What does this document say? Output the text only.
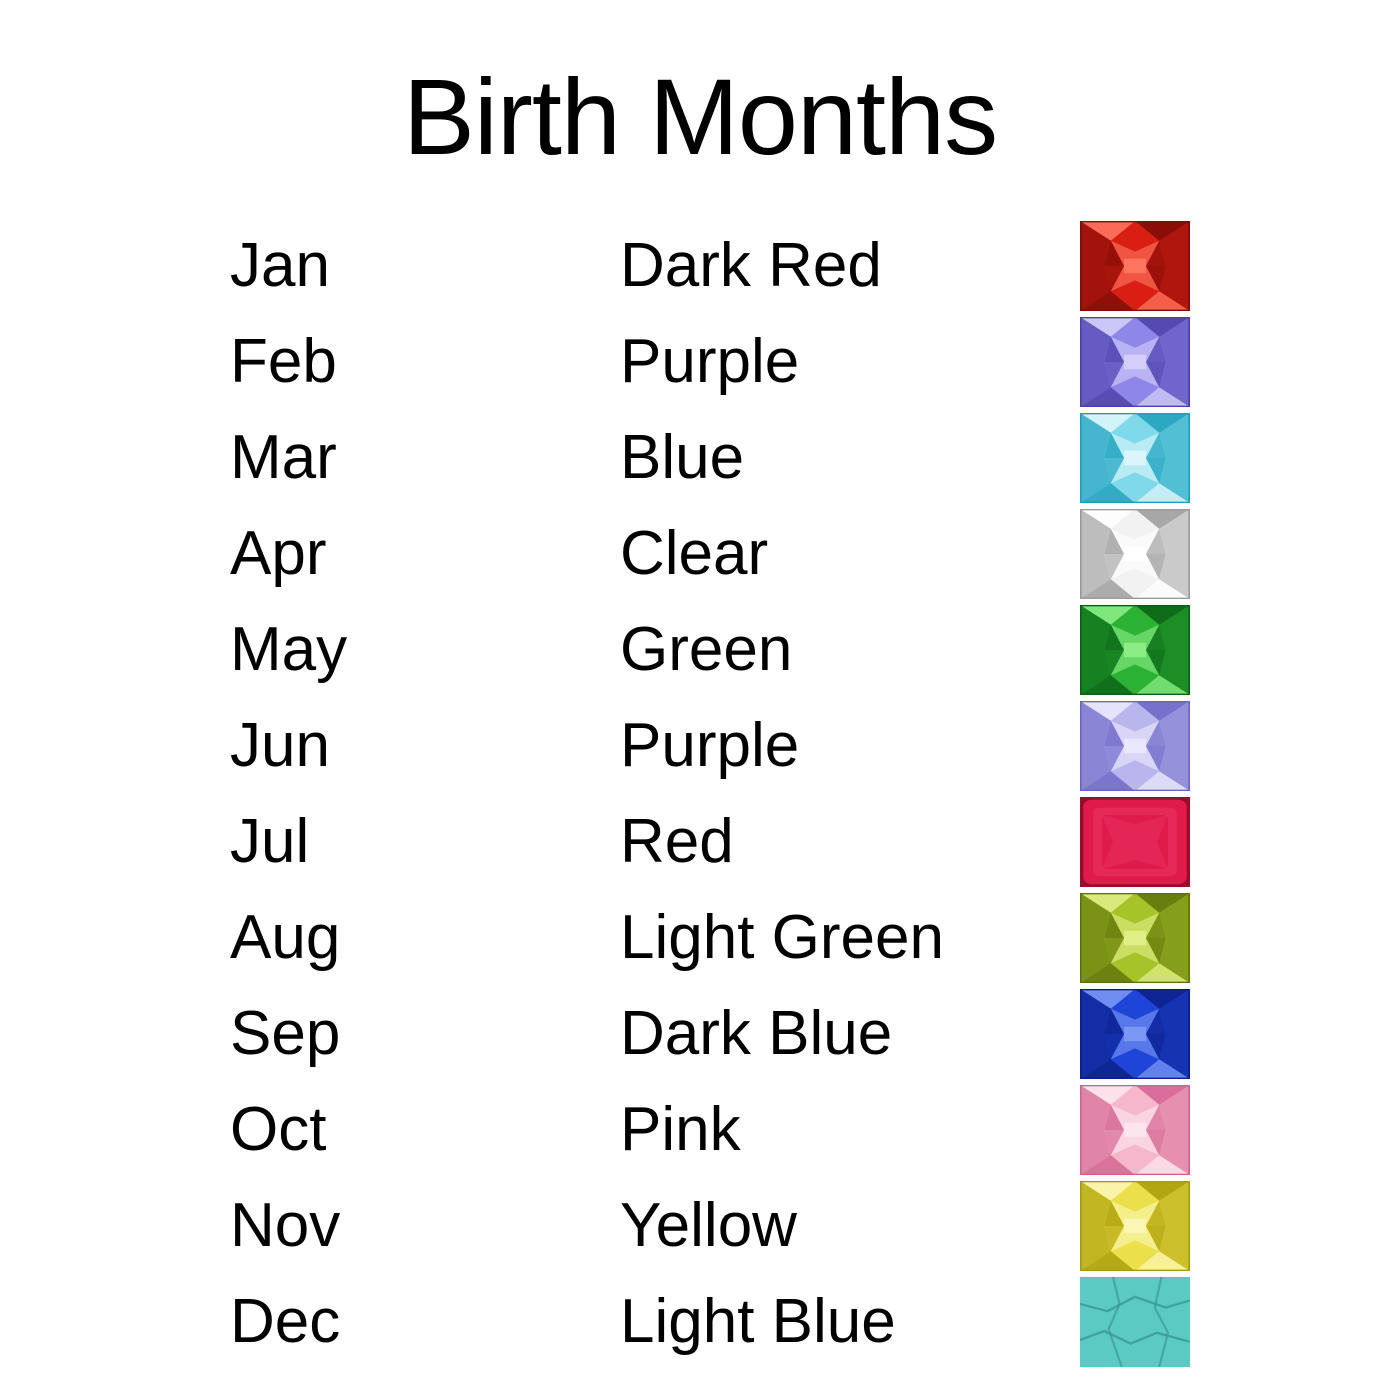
Birth Months
Jan	Dark Red
Feb	Purple
Mar	Blue
Apr	Clear
May	Green
Jun	Purple
Jul	Red
Aug	Light Green
Sep	Dark Blue
Oct	Pink
Nov	Yellow
Dec	Light Blue
